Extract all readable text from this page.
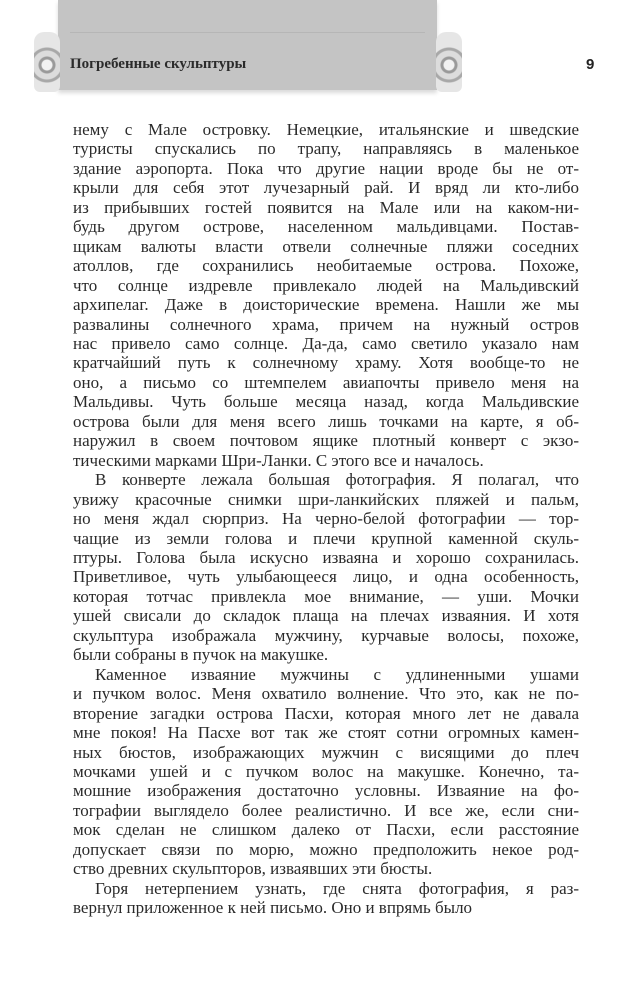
Погребенные скульптуры	9
нему с Мале островку. Немецкие, итальянские и шведские
туристы спускались по трапу, направляясь в маленькое
здание аэропорта. Пока что другие нации вроде бы не от-
крыли для себя этот лучезарный рай. И вряд ли кто-либо
из прибывших гостей появится на Мале или на каком-ни-
будь другом острове, населенном мальдивцами. Постав-
щикам валюты власти отвели солнечные пляжи соседних
атоллов, где сохранились необитаемые острова. Похоже,
что солнце издревле привлекало людей на Мальдивский
архипелаг. Даже в доисторические времена. Нашли же мы
развалины солнечного храма, причем на нужный остров
нас привело само солнце. Да-да, само светило указало нам
кратчайший путь к солнечному храму. Хотя вообще-то не
оно, а письмо со штемпелем авиапочты привело меня на
Мальдивы. Чуть больше месяца назад, когда Мальдивские
острова были для меня всего лишь точками на карте, я об-
наружил в своем почтовом ящике плотный конверт с экзо-
тическими марками Шри-Ланки. С этого все и началось.
В конверте лежала большая фотография. Я полагал, что
увижу красочные снимки шри-ланкийских пляжей и пальм,
но меня ждал сюрприз. На черно-белой фотографии — тор-
чащие из земли голова и плечи крупной каменной скуль-
птуры. Голова была искусно изваяна и хорошо сохранилась.
Приветливое, чуть улыбающееся лицо, и одна особенность,
которая тотчас привлекла мое внимание, — уши. Мочки
ушей свисали до складок плаща на плечах изваяния. И хотя
скульптура изображала мужчину, курчавые волосы, похоже,
были собраны в пучок на макушке.
Каменное изваяние мужчины с удлиненными ушами
и пучком волос. Меня охватило волнение. Что это, как не по-
вторение загадки острова Пасхи, которая много лет не давала
мне покоя! На Пасхе вот так же стоят сотни огромных камен-
ных бюстов, изображающих мужчин с висящими до плеч
мочками ушей и с пучком волос на макушке. Конечно, та-
мошние изображения достаточно условны. Изваяние на фо-
тографии выглядело более реалистично. И все же, если сни-
мок сделан не слишком далеко от Пасхи, если расстояние
допускает связи по морю, можно предположить некое род-
ство древних скульпторов, изваявших эти бюсты.
Горя нетерпением узнать, где снята фотография, я раз-
вернул приложенное к ней письмо. Оно и впрямь было
